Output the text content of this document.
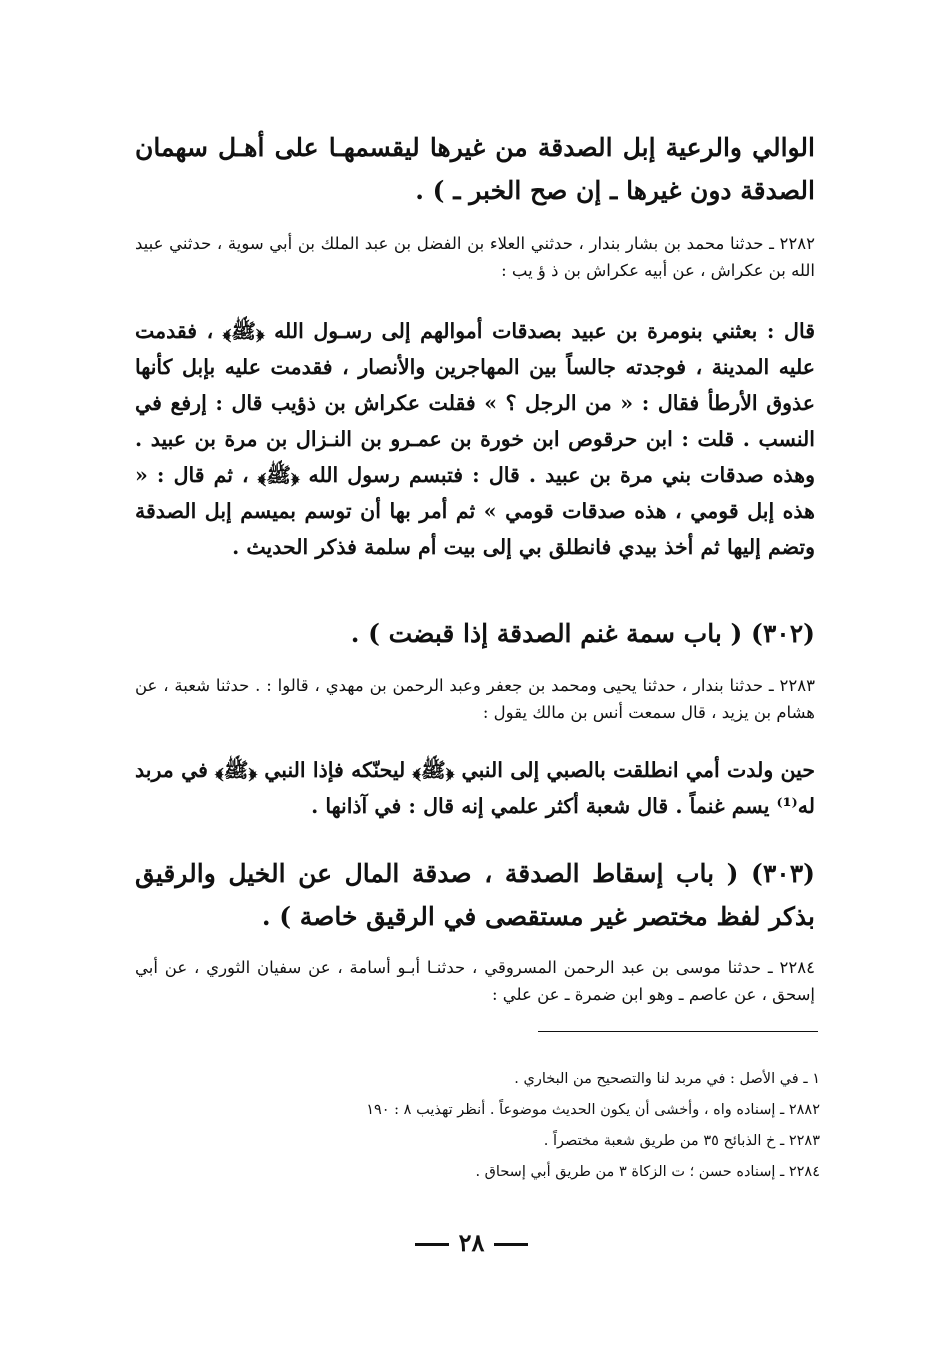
الوالي والرعية إبل الصدقة من غيرها ليقسمهـا على أهـل سهمان الصدقة دون غيرها ـ إن صح الخبر ـ ) .
٢٢٨٢ ـ حدثنا محمد بن بشار بندار ، حدثني العلاء بن الفضل بن عبد الملك بن أبي سوية ، حدثني عبيد الله بن عكراش ، عن أبيه عكراش بن ذ ؤ يب :
قال : بعثني بنومرة بن عبيد بصدقات أموالهم إلى رسـول الله ﴿ﷺ﴾ ، فقدمت عليه المدينة ، فوجدته جالساً بين المهاجرين والأنصار ، فقدمت عليه بإبل كأنها عذوق الأرطأ فقال : « من الرجل ؟ » فقلت عكراش بن ذؤيب قال : إرفع في النسب . قلت : ابن حرقوص ابن خورة بن عمـرو بن النـزال بن مرة بن عبيد . وهذه صدقات بني مرة بن عبيد . قال : فتبسم رسول الله ﴿ﷺ﴾ ، ثم قال : « هذه إبل قومي ، هذه صدقات قومي » ثم أمر بها أن توسم بميسم إبل الصدقة وتضم إليها ثم أخذ بيدي فانطلق بي إلى بيت أم سلمة فذكر الحديث .
(٣٠٢) ( باب سمة غنم الصدقة إذا قبضت ) .
٢٢٨٣ ـ حدثنا بندار ، حدثنا يحيى ومحمد بن جعفر وعبد الرحمن بن مهدي ، قالوا : . حدثنا شعبة ، عن هشام بن يزيد ، قال سمعت أنس بن مالك يقول :
حين ولدت أمي انطلقت بالصبي إلى النبي ﴿ﷺ﴾ ليحنّكه فإذا النبي ﴿ﷺ﴾ في مربد له⁽¹⁾ يسم غنماً . قال شعبة أكثر علمي إنه قال : في آذانها .
(٣٠٣) ( باب إسقاط الصدقة ، صدقة المال عن الخيل والرقيق بذكر لفظ مختصر غير مستقصى في الرقيق خاصة ) .
٢٢٨٤ ـ حدثنا موسى بن عبد الرحمن المسروقي ، حدثنـا أبـو أسامة ، عن سفيان الثوري ، عن أبي إسحق ، عن عاصم ـ وهو ابن ضمرة ـ عن علي :
١ ـ في الأصل : في مربد لنا والتصحيح من البخاري .
٢٨٨٢ ـ إسناده واه ، وأخشى أن يكون الحديث موضوعاً . أنظر تهذيب ٨ : ١٩٠
٢٢٨٣ ـ خ الذبائح ٣٥ من طريق شعبة مختصراً .
٢٢٨٤ ـ إسناده حسن ؛ ت الزكاة ٣ من طريق أبي إسحاق .
٢٨
